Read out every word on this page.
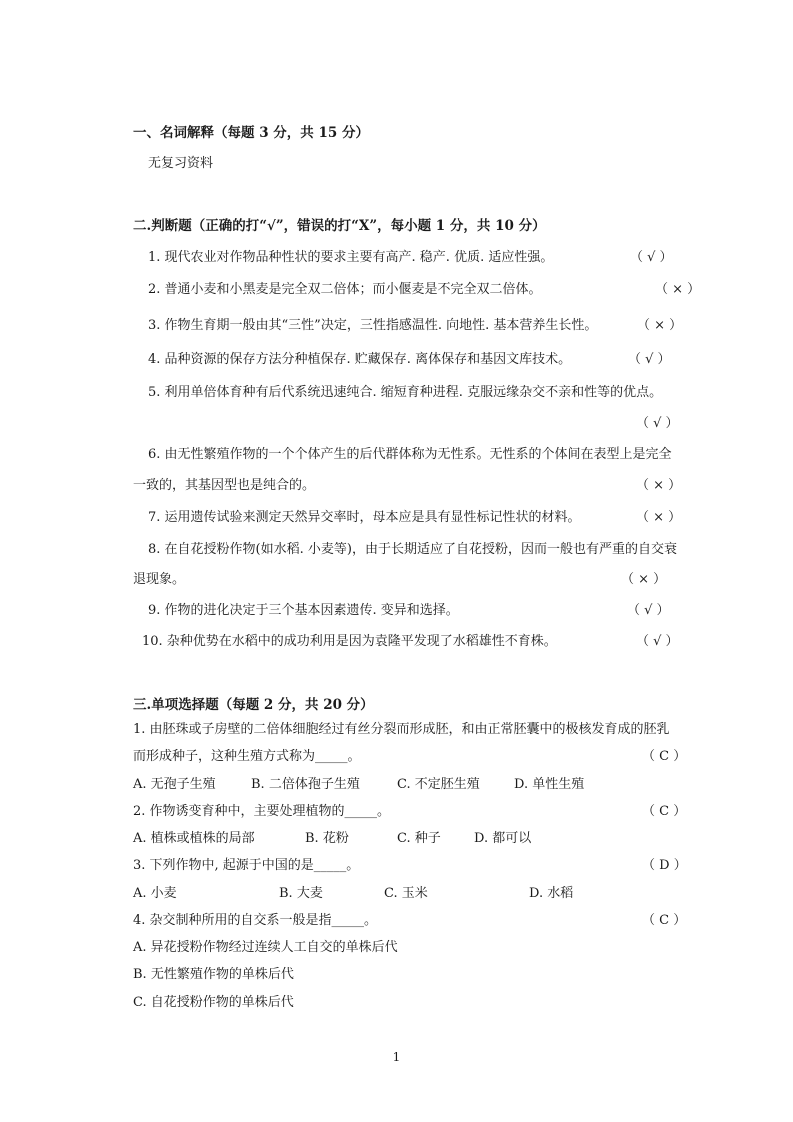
一、名词解释（每题 3 分，共 15 分）
无复习资料
二.判断题（正确的打“√”，错误的打“X”，每小题 1 分，共 10 分）
1. 现代农业对作物品种性状的要求主要有高产. 稳产. 优质. 适应性强。	（ √ ）
2. 普通小麦和小黑麦是完全双二倍体；而小偃麦是不完全双二倍体。	（ × ）
3. 作物生育期一般由其“三性”决定，三性指感温性. 向地性. 基本营养生长性。	（ × ）
4. 品种资源的保存方法分种植保存. 贮藏保存. 离体保存和基因文库技术。	（ √ ）
5. 利用单倍体育种有后代系统迅速纯合. 缩短育种进程. 克服远缘杂交不亲和性等的优点。
（ √ ）
6. 由无性繁殖作物的一个个体产生的后代群体称为无性系。无性系的个体间在表型上是完全
一致的，其基因型也是纯合的。	（ × ）
7. 运用遗传试验来测定天然异交率时，母本应是具有显性标记性状的材料。	（ × ）
8. 在自花授粉作物(如水稻. 小麦等)，由于长期适应了自花授粉，因而一般也有严重的自交衰
退现象。	（ × ）
9. 作物的进化决定于三个基本因素遗传. 变异和选择。	（ √ ）
10. 杂种优势在水稻中的成功利用是因为袁隆平发现了水稻雄性不育株。	（ √ ）
三.单项选择题（每题 2 分，共 20 分）
1. 由胚珠或子房壁的二倍体细胞经过有丝分裂而形成胚，和由正常胚囊中的极核发育成的胚乳
而形成种子，这种生殖方式称为_____。	（ C ）
A. 无孢子生殖	B. 二倍体孢子生殖	C. 不定胚生殖	D. 单性生殖
2. 作物诱变育种中，主要处理植物的_____。	（ C ）
A. 植株或植株的局部	B. 花粉	C. 种子	D. 都可以
3. 下列作物中, 起源于中国的是_____。	（ D ）
A. 小麦	B. 大麦	C. 玉米	D. 水稻
4. 杂交制种所用的自交系一般是指_____。	（ C ）
A. 异花授粉作物经过连续人工自交的单株后代
B. 无性繁殖作物的单株后代
C. 自花授粉作物的单株后代
1
